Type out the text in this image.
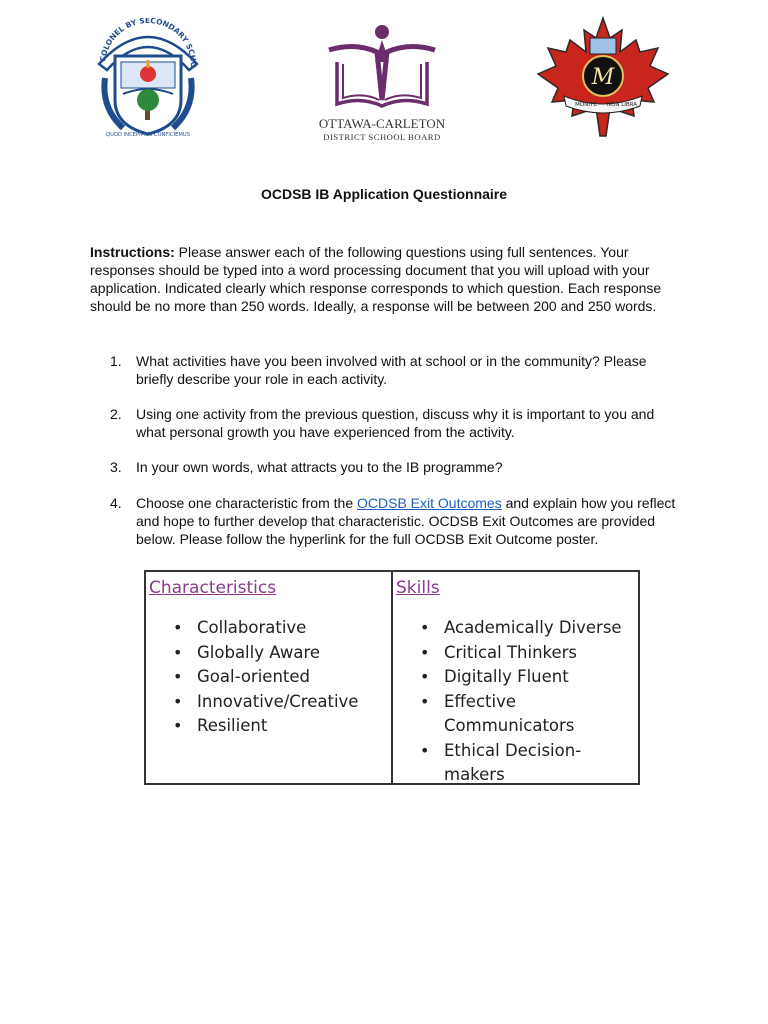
COLONEL BY SECONDARY SCHO
QUOD INCEPIMUS CONFICIEMUS
OTTAWA-CARLETON
DISTRICT SCHOOL BOARD
M
MONITE NON LIBRA
OCDSB IB Application Questionnaire
Instructions: Please answer each of the following questions using full sentences. Your responses should be typed into a word processing document that you will upload with your application. Indicated clearly which response corresponds to which question. Each response should be no more than 250 words. Ideally, a response will be between 200 and 250 words.
1. What activities have you been involved with at school or in the community? Please briefly describe your role in each activity.
2. Using one activity from the previous question, discuss why it is important to you and what personal growth you have experienced from the activity.
3. In your own words, what attracts you to the IB programme?
4. Choose one characteristic from the OCDSB Exit Outcomes and explain how you reflect and hope to further develop that characteristic. OCDSB Exit Outcomes are provided below. Please follow the hyperlink for the full OCDSB Exit Outcome poster.
Characteristics
• Collaborative
• Globally Aware
• Goal-oriented
• Innovative/Creative
• Resilient
Skills
• Academically Diverse
• Critical Thinkers
• Digitally Fluent
• Effective Communicators
• Ethical Decision-makers
